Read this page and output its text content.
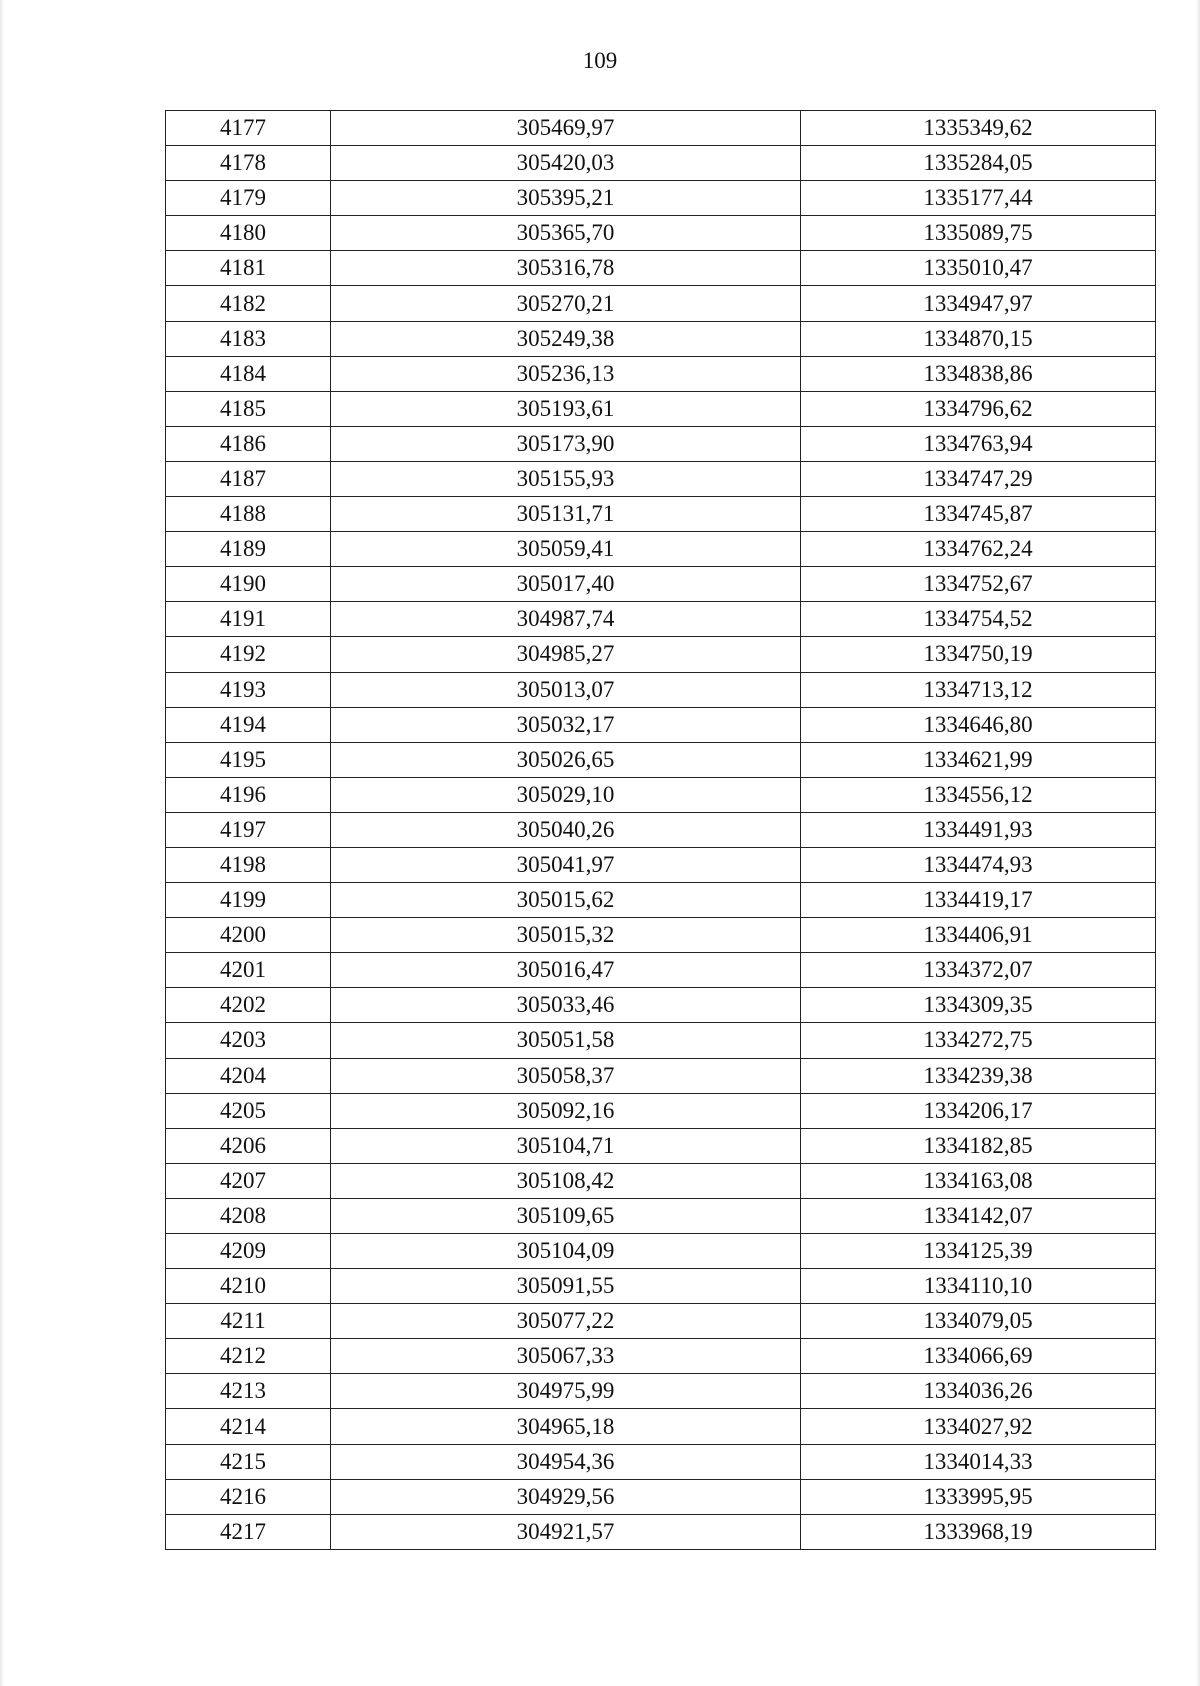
109
4177	305469,97	1335349,62
4178	305420,03	1335284,05
4179	305395,21	1335177,44
4180	305365,70	1335089,75
4181	305316,78	1335010,47
4182	305270,21	1334947,97
4183	305249,38	1334870,15
4184	305236,13	1334838,86
4185	305193,61	1334796,62
4186	305173,90	1334763,94
4187	305155,93	1334747,29
4188	305131,71	1334745,87
4189	305059,41	1334762,24
4190	305017,40	1334752,67
4191	304987,74	1334754,52
4192	304985,27	1334750,19
4193	305013,07	1334713,12
4194	305032,17	1334646,80
4195	305026,65	1334621,99
4196	305029,10	1334556,12
4197	305040,26	1334491,93
4198	305041,97	1334474,93
4199	305015,62	1334419,17
4200	305015,32	1334406,91
4201	305016,47	1334372,07
4202	305033,46	1334309,35
4203	305051,58	1334272,75
4204	305058,37	1334239,38
4205	305092,16	1334206,17
4206	305104,71	1334182,85
4207	305108,42	1334163,08
4208	305109,65	1334142,07
4209	305104,09	1334125,39
4210	305091,55	1334110,10
4211	305077,22	1334079,05
4212	305067,33	1334066,69
4213	304975,99	1334036,26
4214	304965,18	1334027,92
4215	304954,36	1334014,33
4216	304929,56	1333995,95
4217	304921,57	1333968,19
